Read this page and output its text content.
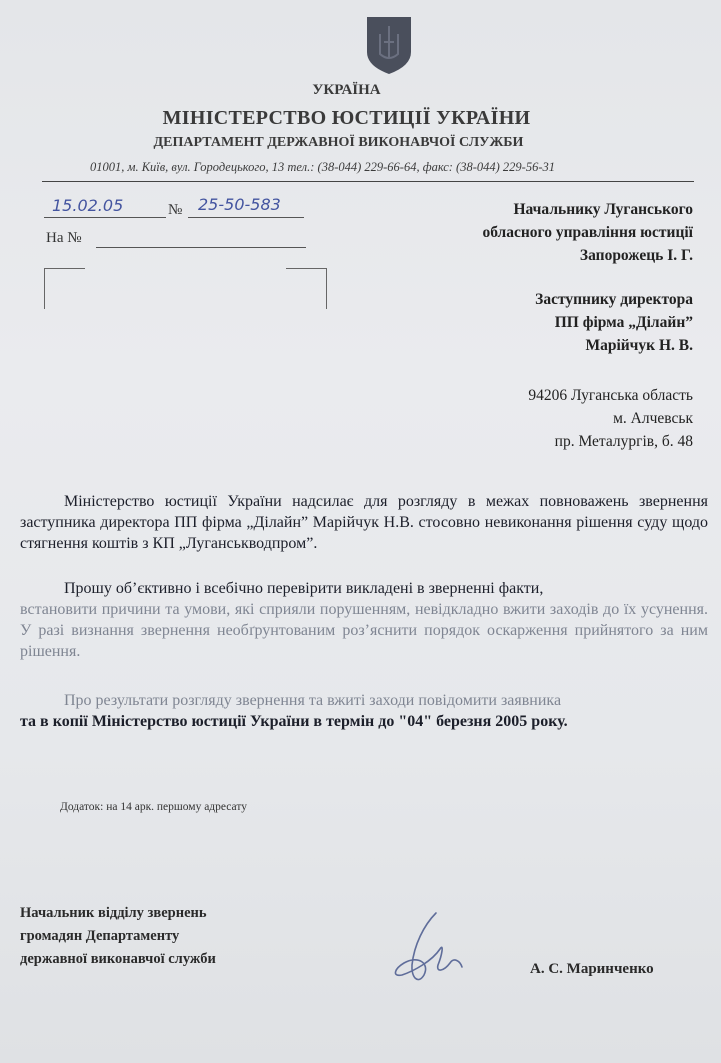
УКРАЇНА
МІНІСТЕРСТВО ЮСТИЦІЇ УКРАЇНИ
ДЕПАРТАМЕНТ ДЕРЖАВНОЇ ВИКОНАВЧОЇ СЛУЖБИ
01001, м. Київ, вул. Городецького, 13 тел.: (38-044) 229-66-64, факс: (38-044) 229-56-31
15.02.05	№ 25-50-583
На №
Начальнику Луганського
обласного управління юстиції
Запорожець І. Г.
Заступнику директора
ПП фірма „Ділайн”
Марійчук Н. В.
94206 Луганська область
м. Алчевськ
пр. Металургів, б. 48

Міністерство юстиції України надсилає для розгляду в межах повноважень звернення заступника директора ПП фірма „Ділайн” Марійчук Н.В. стосовно невиконання рішення суду щодо стягнення коштів з КП „Луганськводпром”.

Прошу об’єктивно і всебічно перевірити викладені в зверненні факти,

встановити причини та умови, які сприяли порушенням, невідкладно вжити заходів до їх усунення. У разі визнання звернення необґрунтованим роз’яснити порядок оскарження прийнятого за ним рішення.

Про результати розгляду звернення та вжиті заходи повідомити заявника

та в копії Міністерство юстиції України в термін до "04" березня 2005 року.

Додаток: на 14 арк. першому адресату
Начальник відділу звернень
громадян Департаменту
державної виконавчої служби
А. С. Маринченко
